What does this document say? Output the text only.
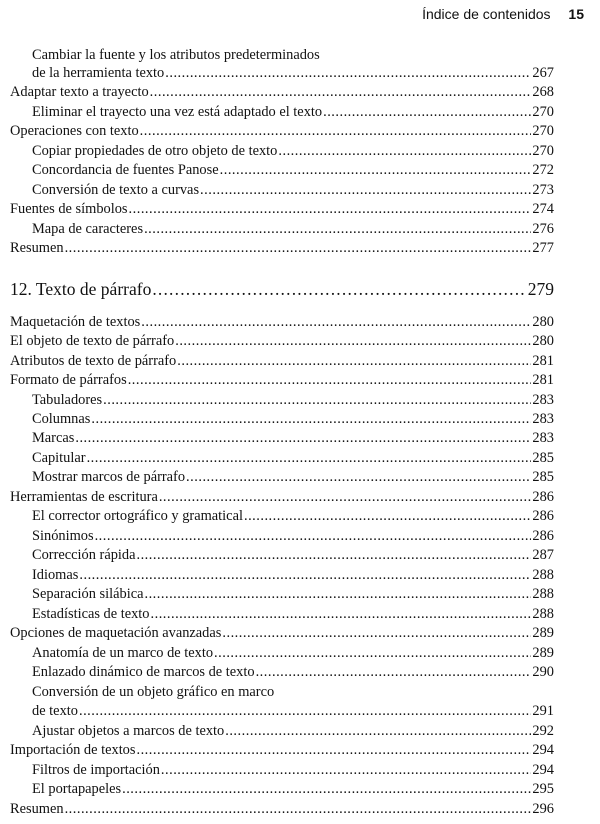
Índice de contenidos 15
Cambiar la fuente y los atributos predeterminados
de la herramienta texto .....	267
Adaptar texto a trayecto .....	268
Eliminar el trayecto una vez está adaptado el texto .....	270
Operaciones con texto .....	270
Copiar propiedades de otro objeto de texto .....	270
Concordancia de fuentes Panose .....	272
Conversión de texto a curvas .....	273
Fuentes de símbolos .....	274
Mapa de caracteres .....	276
Resumen .....	277
12. Texto de párrafo .....	279
Maquetación de textos .....	280
El objeto de texto de párrafo .....	280
Atributos de texto de párrafo .....	281
Formato de párrafos .....	281
Tabuladores .....	283
Columnas .....	283
Marcas .....	283
Capitular .....	285
Mostrar marcos de párrafo .....	285
Herramientas de escritura .....	286
El corrector ortográfico y gramatical .....	286
Sinónimos .....	286
Corrección rápida .....	287
Idiomas .....	288
Separación silábica .....	288
Estadísticas de texto .....	288
Opciones de maquetación avanzadas .....	289
Anatomía de un marco de texto .....	289
Enlazado dinámico de marcos de texto .....	290
Conversión de un objeto gráfico en marco
de texto .....	291
Ajustar objetos a marcos de texto .....	292
Importación de textos .....	294
Filtros de importación .....	294
El portapapeles .....	295
Resumen .....	296
